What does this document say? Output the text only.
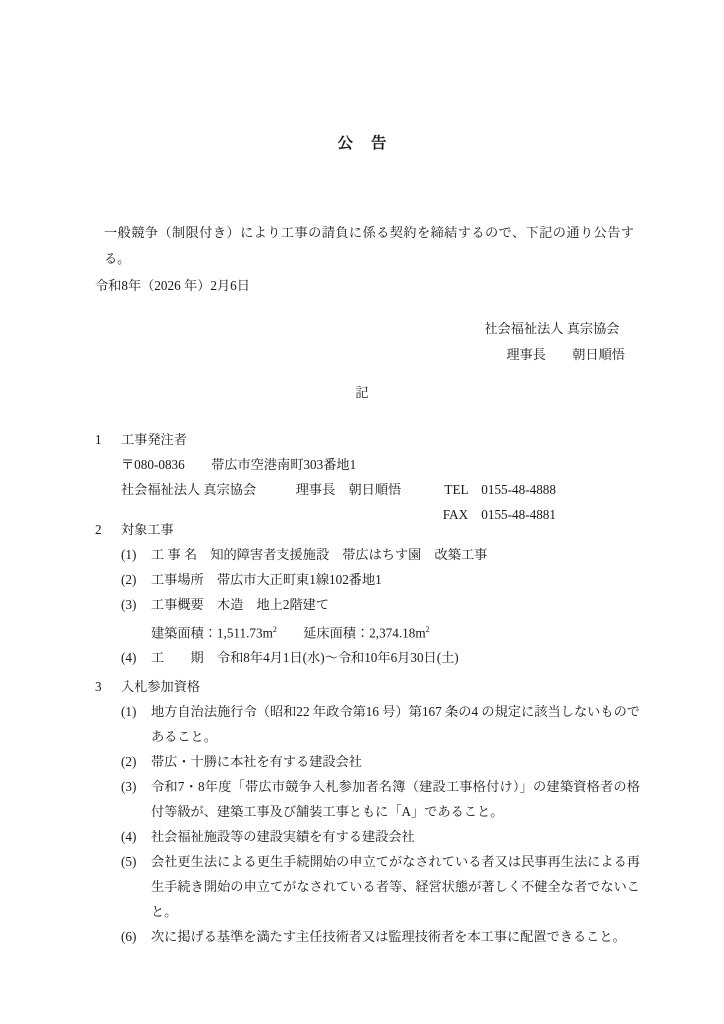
公 告

一般競争（制限付き）により工事の請負に係る契約を締結するので、下記の通り公告する。

令和8年（2026 年）2月6日
社会福祉法人 真宗協会
理事長　　朝日順悟
記
1 工事発注者
〒080-0836　　帯広市空港南町303番地1
社会福祉法人 真宗協会　　　理事長　朝日順悟	TEL　0155-48-4888
FAX　0155-48-4881
2 対象工事
(1)	工 事 名　知的障害者支援施設　帯広はちす園　改築工事
(2)	工事場所　帯広市大正町東1線102番地1
(3)	工事概要　木造　地上2階建て
建築面積：$1,511.73m^2$　　延床面積：$2,374.18m^2$
(4)	工　　期　令和8年4月1日(水)～令和10年6月30日(土)
3 入札参加資格
(1)	地方自治法施行令（昭和22 年政令第16 号）第167 条の4 の規定に該当しないものであること。
(2)	帯広・十勝に本社を有する建設会社
(3)	令和7・8年度「帯広市競争入札参加者名簿（建設工事格付け）」の建築資格者の格付等級が、建築工事及び舗装工事ともに「A」であること。
(4)	社会福祉施設等の建設実績を有する建設会社
(5)	会社更生法による更生手続開始の申立てがなされている者又は民事再生法による再生手続き開始の申立てがなされている者等、経営状態が著しく不健全な者でないこと。
(6)	次に掲げる基準を満たす主任技術者又は監理技術者を本工事に配置できること。
